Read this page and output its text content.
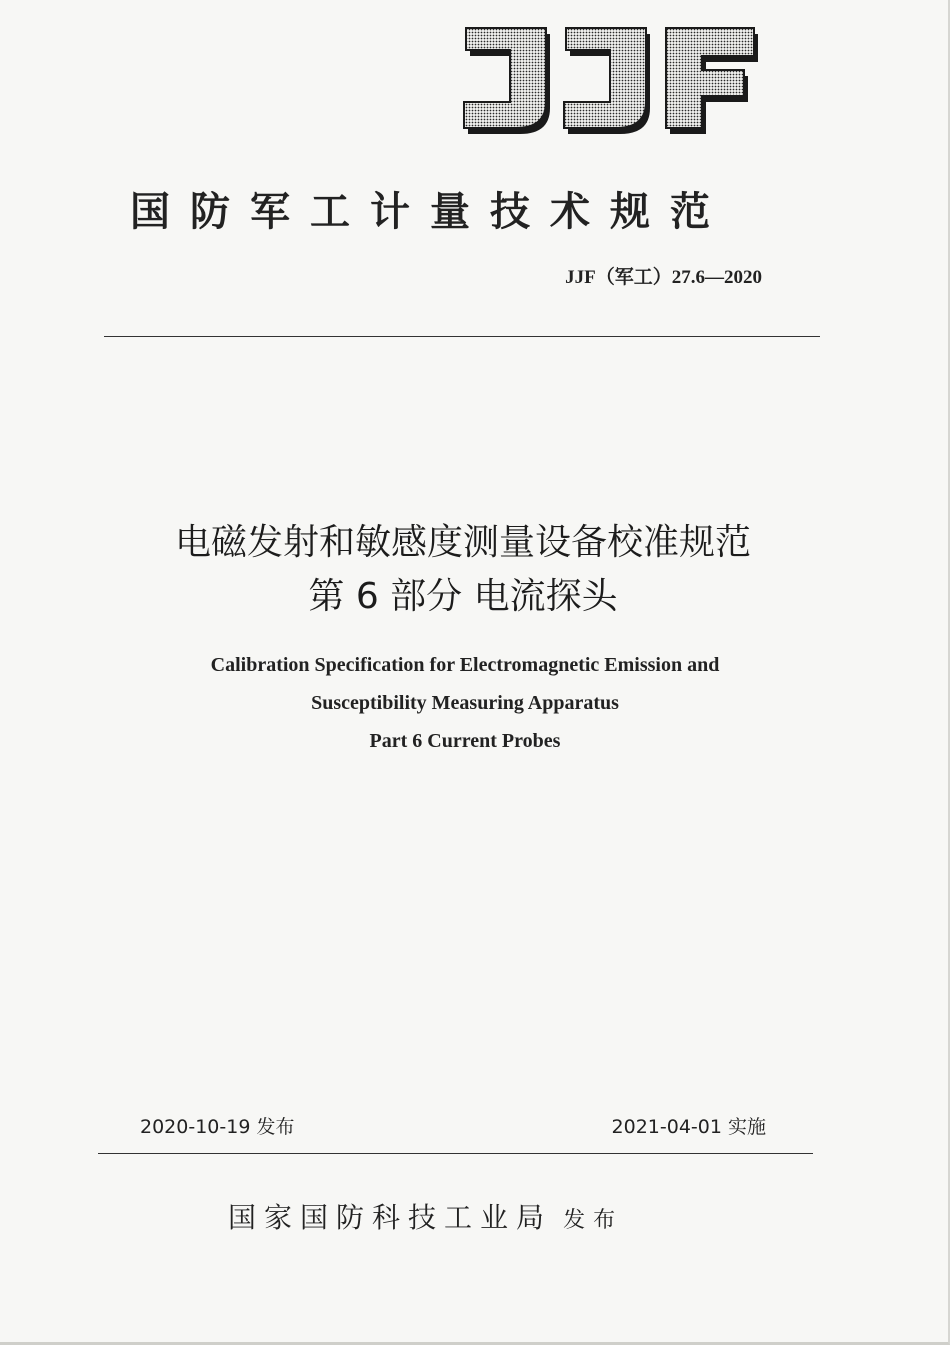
JJF
国防军工计量技术规范
JJF（军工）27.6—2020
电磁发射和敏感度测量设备校准规范
第 6 部分 电流探头
Calibration Specification for Electromagnetic Emission and
Susceptibility Measuring Apparatus
Part 6 Current Probes
2020-10-19 发布	2021-04-01 实施
国家国防科技工业局 发布
